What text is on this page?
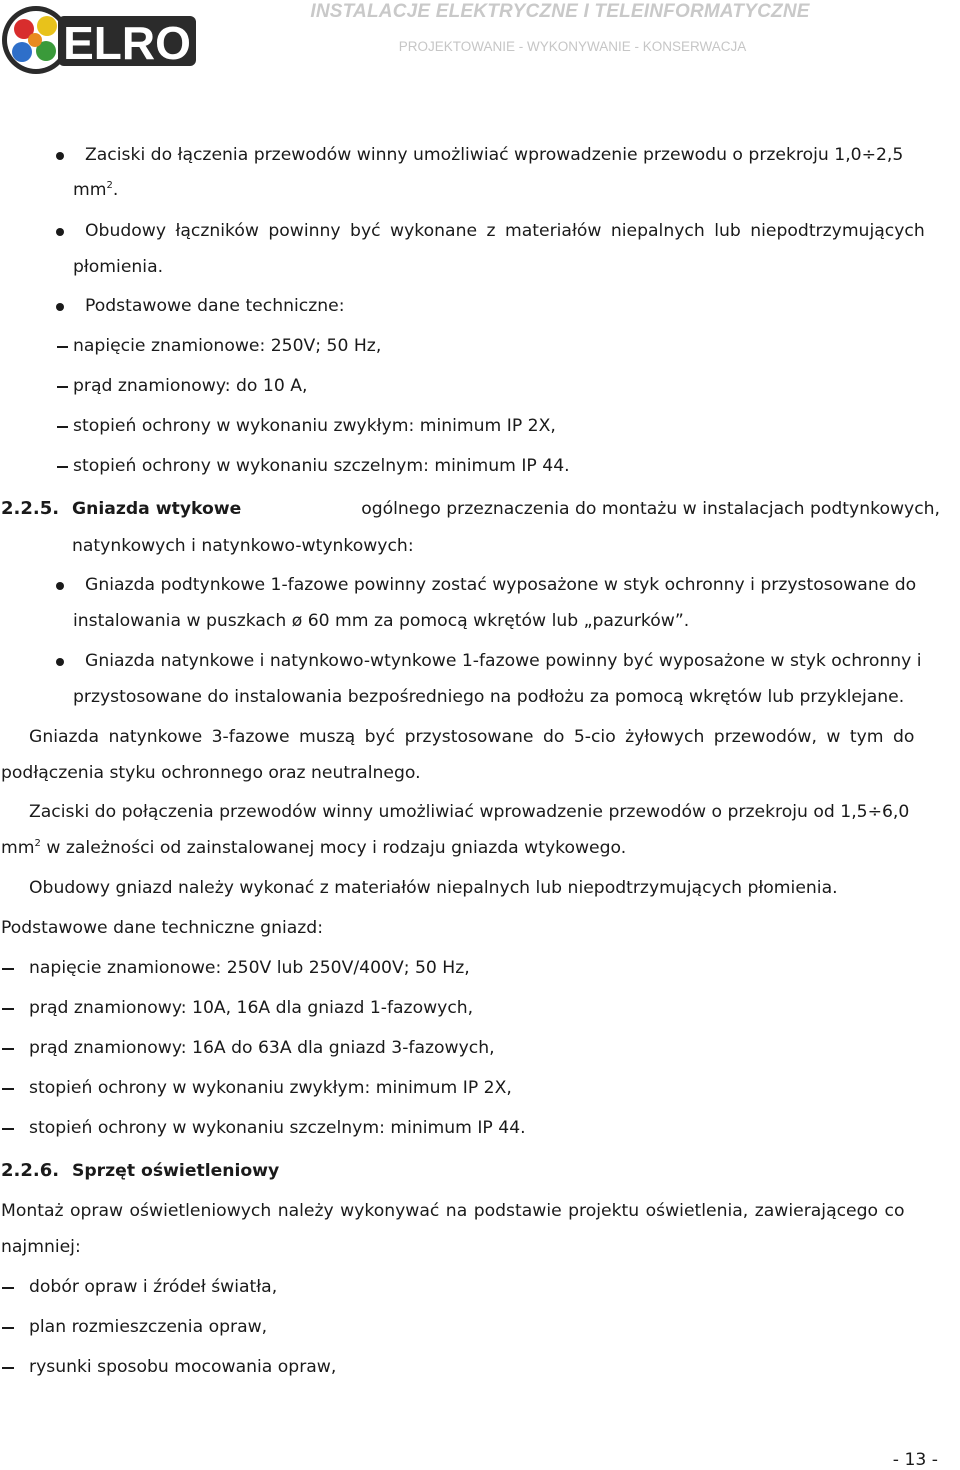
ELRO
INSTALACJE ELEKTRYCZNE I TELEINFORMATYCZNE
PROJEKTOWANIE - WYKONYWANIE - KONSERWACJA
Zaciski do łączenia przewodów winny umożliwiać wprowadzenie przewodu o przekroju 1,0÷2,5
$mm^2$.
Obudowy łączników powinny być wykonane z materiałów niepalnych lub niepodtrzymujących
płomienia.
Podstawowe dane techniczne:
napięcie znamionowe: 250V; 50 Hz,
prąd znamionowy: do 10 A,
stopień ochrony w wykonaniu zwykłym: minimum IP 2X,
stopień ochrony w wykonaniu szczelnym: minimum IP 44.
2.2.5. Gniazda wtykowe	ogólnego przeznaczenia do montażu w instalacjach podtynkowych,
natynkowych i natynkowo-wtynkowych:
Gniazda podtynkowe 1-fazowe powinny zostać wyposażone w styk ochronny i przystosowane do
instalowania w puszkach ø 60 mm za pomocą wkrętów lub „pazurków”.
Gniazda natynkowe i natynkowo-wtynkowe 1-fazowe powinny być wyposażone w styk ochronny i
przystosowane do instalowania bezpośredniego na podłożu za pomocą wkrętów lub przyklejane.
Gniazda natynkowe 3-fazowe muszą być przystosowane do 5-cio żyłowych przewodów, w tym do
podłączenia styku ochronnego oraz neutralnego.
Zaciski do połączenia przewodów winny umożliwiać wprowadzenie przewodów o przekroju od 1,5÷6,0
$mm^2$ w zależności od zainstalowanej mocy i rodzaju gniazda wtykowego.
Obudowy gniazd należy wykonać z materiałów niepalnych lub niepodtrzymujących płomienia.
Podstawowe dane techniczne gniazd:
napięcie znamionowe: 250V lub 250V/400V; 50 Hz,
prąd znamionowy: 10A, 16A dla gniazd 1-fazowych,
prąd znamionowy: 16A do 63A dla gniazd 3-fazowych,
stopień ochrony w wykonaniu zwykłym: minimum IP 2X,
stopień ochrony w wykonaniu szczelnym: minimum IP 44.
2.2.6. Sprzęt oświetleniowy
Montaż opraw oświetleniowych należy wykonywać na podstawie projektu oświetlenia, zawierającego co
najmniej:
dobór opraw i źródeł światła,
plan rozmieszczenia opraw,
rysunki sposobu mocowania opraw,
- 13 -
